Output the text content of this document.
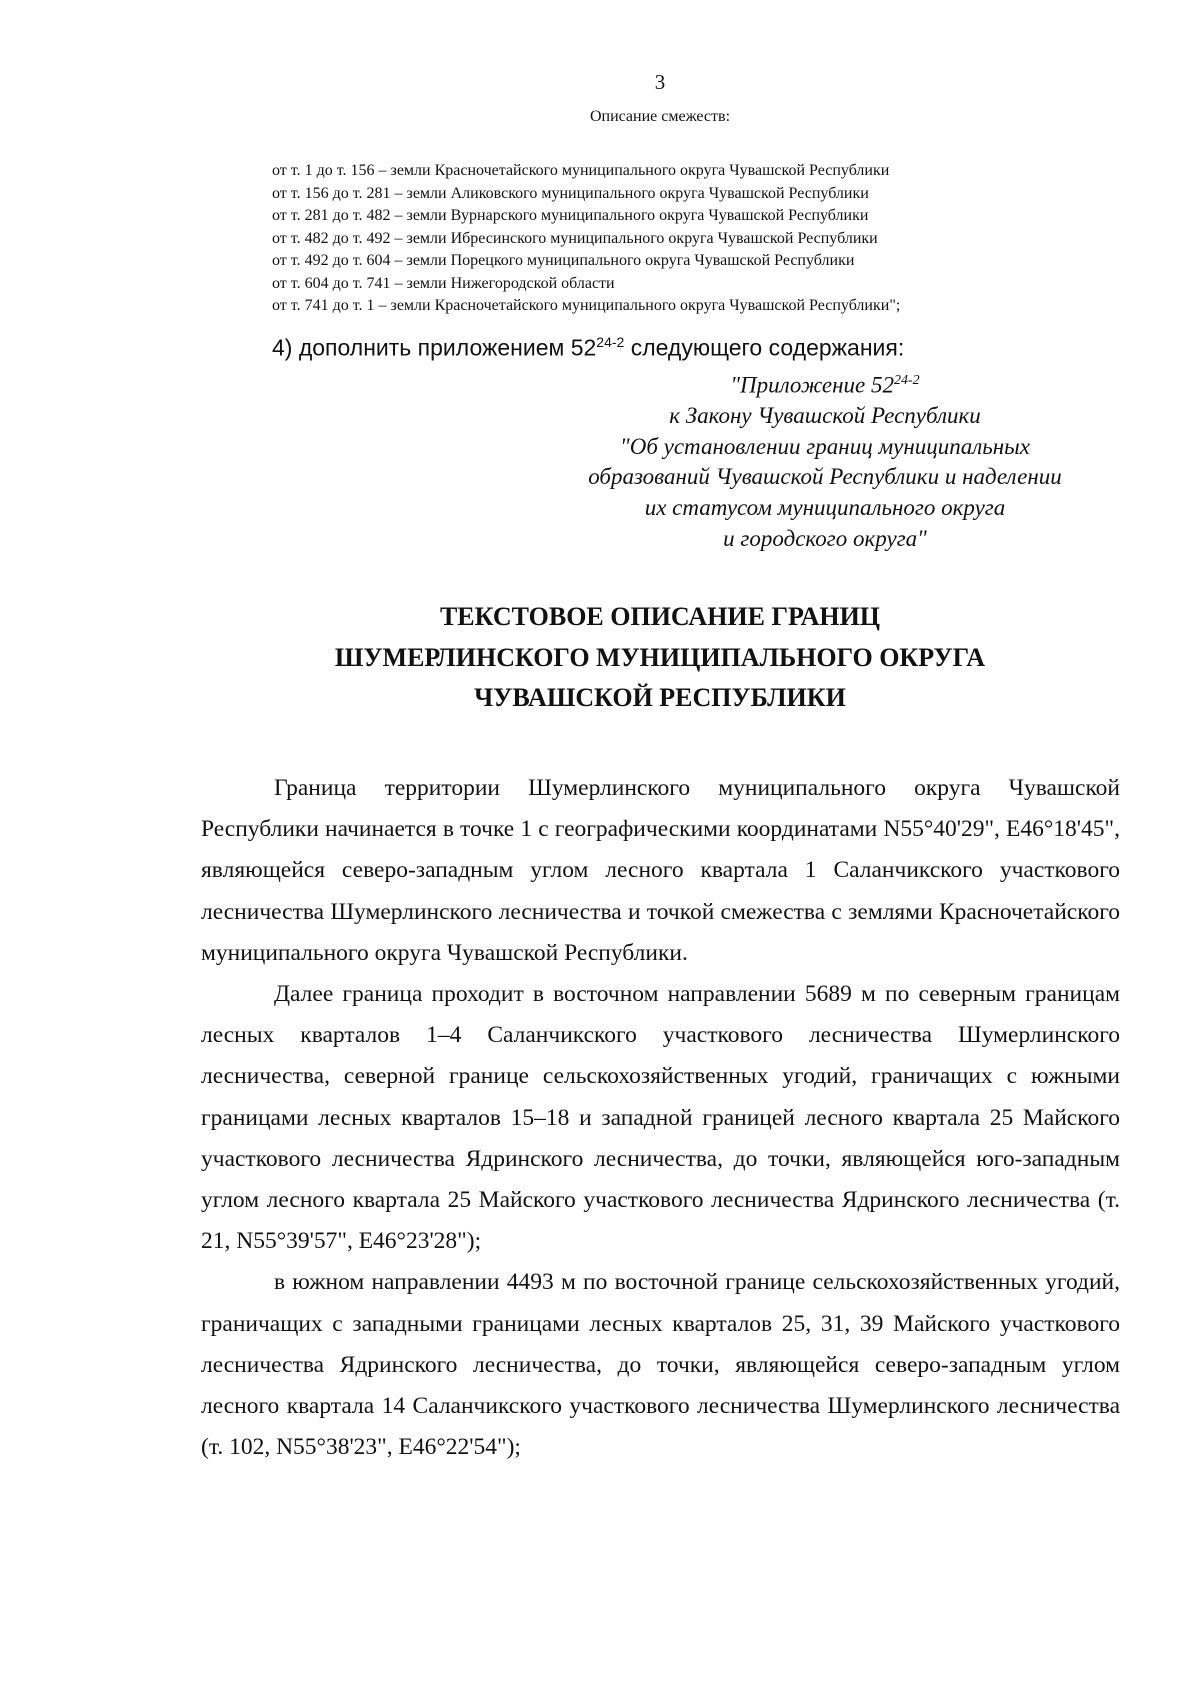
3
Описание смежеств:
от т. 1 до т. 156 – земли Красночетайского муниципального округа Чувашской Республики
от т. 156 до т. 281 – земли Аликовского муниципального округа Чувашской Республики
от т. 281 до т. 482 – земли Вурнарского муниципального округа Чувашской Республики
от т. 482 до т. 492 – земли Ибресинского муниципального округа Чувашской Республики
от т. 492 до т. 604 – земли Порецкого муниципального округа Чувашской Республики
от т. 604 до т. 741 – земли Нижегородской области
от т. 741 до т. 1 – земли Красночетайского муниципального округа Чувашской Республики";
4) дополнить приложением 52$^{24-2}$ следующего содержания:
"Приложение 52$^{24-2}$
к Закону Чувашской Республики
"Об установлении границ муниципальных
образований Чувашской Республики и наделении
их статусом муниципального округа
и городского округа"
ТЕКСТОВОЕ ОПИСАНИЕ ГРАНИЦ
ШУМЕРЛИНСКОГО МУНИЦИПАЛЬНОГО ОКРУГА
ЧУВАШСКОЙ РЕСПУБЛИКИ

Граница территории Шумерлинского муниципального округа Чувашской Республики начинается в точке 1 с географическими координатами N55°40'29", E46°18'45", являющейся северо-западным углом лесного квартала 1 Саланчикского участкового лесничества Шумерлинского лесничества и точкой смежества с землями Красночетайского муниципального округа Чувашской Республики.

Далее граница проходит в восточном направлении 5689 м по северным границам лесных кварталов 1–4 Саланчикского участкового лесничества Шумерлинского лесничества, северной границе сельскохозяйственных угодий, граничащих с южными границами лесных кварталов 15–18 и западной границей лесного квартала 25 Майского участкового лесничества Ядринского лесничества, до точки, являющейся юго-западным углом лесного квартала 25 Майского участкового лесничества Ядринского лесничества (т. 21, N55°39'57", E46°23'28");

в южном направлении 4493 м по восточной границе сельскохозяйственных угодий, граничащих с западными границами лесных кварталов 25, 31, 39 Майского участкового лесничества Ядринского лесничества, до точки, являющейся северо-западным углом лесного квартала 14 Саланчикского участкового лесничества Шумерлинского лесничества (т. 102, N55°38'23", E46°22'54");
